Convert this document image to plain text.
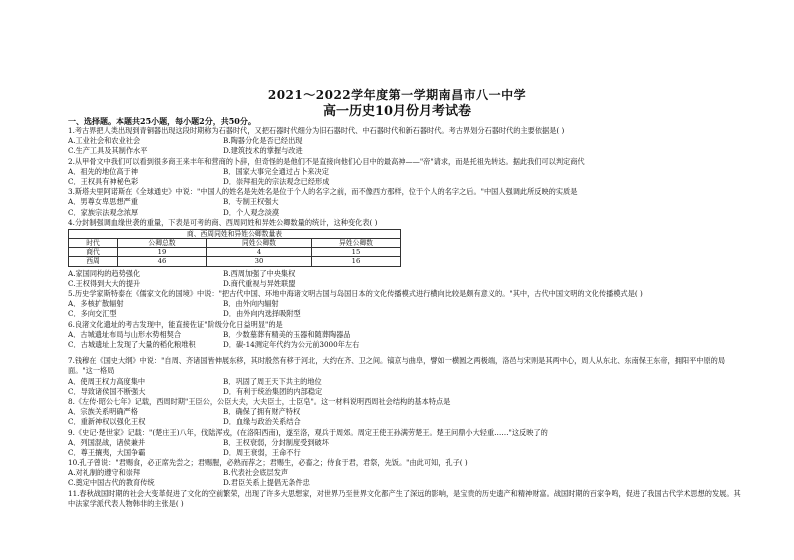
2021～2022学年度第一学期南昌市八一中学
高一历史10月份月考试卷
一、选择题。本题共25小题，每小题2分，共50分。
1.考古界把人类出现到青铜器出现这段时期称为石器时代，又把石器时代细分为旧石器时代、中石器时代和新石器时代。考古界划分石器时代的主要依据是( )
A.工业社会和农业社会	B.陶器分化是否已经出现
C.生产工具及其制作水平	D.建筑技术的掌握与改进
2.从甲骨文中我们可以看到很多商王来丰年和营商的卜辞，但奇怪的是他们不是直接向他们心目中的最高神——"帝"请求，而是托祖先转达。据此我们可以判定商代
A．祖先的地位高于神	B．国家大事完全通过占卜来决定
C．王权具有神秘色彩	D．崇拜祖先的宗法观念已经形成
3.斯塔夫里阿诺斯在《全球通史》中说："中国人的姓名是先姓名是位于个人的名字之前，而不像西方那样，位于个人的名字之后。"中国人强调此所反映的实质是
A．男尊女卑思想严重	B．专制王权强大
C．家族宗法观念浓厚	D．个人观念淡漠
4.分封制强调血缘世袭的重量，下表是可考的商、西周同姓和异姓公卿数量的统计，这种变化表( )
商、西周同姓和异姓公卿数量表			
时代	公卿总数	同姓公卿数	异姓公卿数
商代	19	4	15
西周	46	30	16
A.家国同构的趋势强化	B.西周加强了中央集权
C.王权得到大大的提升	D.商代重视与异姓联盟
5.历史学家斯特泰在《儒家文化的国境》中说："把古代中国、环地中海诸文明古国与岛国日本的文化传播模式进行横向比较是颇有意义的。"其中，古代中国文明的文化传播模式是( )
A．多核扩散辐射	B．由外向内辐射
C．多向交汇型	D．由外向内选择吸附型
6.良渚文化遗址的考古发现中，能直接佐证"阶级分化日益明显"的是
A．古城遗址布局与山形水势相契合	B．少数墓葬有精美的玉器和随葬陶器品
C．古城遗址上发现了大量的稻化粮堆积	D．碳-14测定年代约为公元前3000年左右
7.钱穆在《国史大纲》中说："自周、齐诸国皆伸展东移，其时殷然有移于河北，大约在齐、卫之间。镐京与曲阜，譬如一横圆之两极端，洛邑与宋则是其两中心，周人从东北、东南保王东帝，拥阳平中原的局面。"这一格局
A．使周王权力高度集中	B．巩固了周王天下共主的地位
C．导致诸侯国不断强大	D．有利于统治集团的内部稳定
8.《左传·昭公七年》记载，西周时期"王臣公，公臣大夫，大夫臣士，士臣皂"。这一材料说明西周社会结构的基本特点是
A．宗族关系明确严格	B．确保了拥有财产特权
C．重新神权以强化王权	D．血缘与政治关系结合
9.《史记·楚世家》记载："(楚庄王)八年，伐陆浑戎，(在洛阳西南)，遂至洛，观兵于周郊。周定王使王孙满劳楚王。楚王问鼎小大轻重……"这反映了的
A．列国混战，诸侯兼并	B．王权衰弱，分封制度受到破坏
C．尊王攘夷，大国争霸	D．周王衰弱，王命不行
10.孔子曾说："君赐食，必正席先尝之；君赐腥，必熟而荐之；君赐生，必畜之；侍食于君，君祭，先饭。"由此可知，孔子( )
A.对礼制的遵守和崇拜	B.代表社会底层发声
C.奠定中国古代的教育传统	D.君臣关系上提倡无条件忠
11.春秋战国时期的社会大变革促进了文化的空前繁荣，出现了许多大思想家，对世界乃至世界文化都产生了深远的影响，是宝贵的历史遗产和精神财富。战国时期的百家争鸣，促进了我国古代学术思想的发展。其中法家学派代表人物韩非的主张是( )
